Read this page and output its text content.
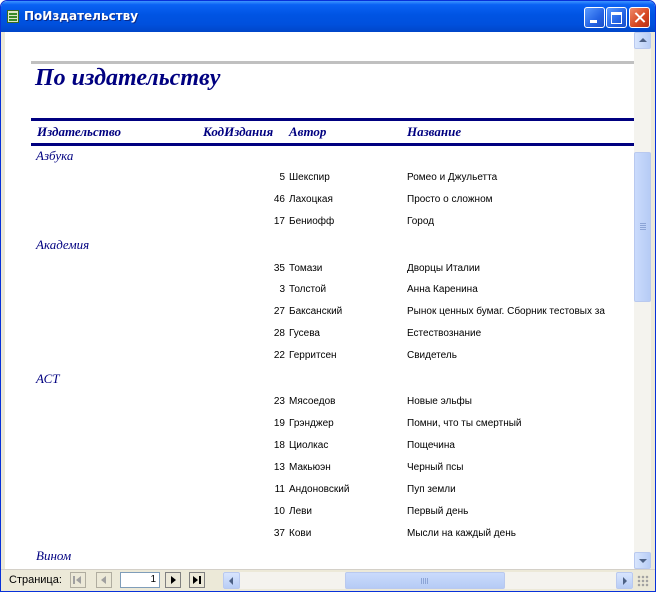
ПоИздательству
По издательству
Издательство	КодИздания Автор	Название
Азбука
5 Шекспир	Ромео и Джульетта
46 Лахоцкая	Просто о сложном
17 Бениофф	Город
Академия
35 Томази	Дворцы Италии
3 Толстой	Анна Каренина
27 Баксанский	Рынок ценных бумаг. Сборник тестовых за
28 Гусева	Естествознание
22 Герритсен	Свидетель
АСТ
23 Мясоедов	Новые эльфы
19 Грэнджер	Помни, что ты смертный
18 Циолкас	Пощечина
13 Макьюэн	Черный псы
11 Андоновский	Пуп земли
10 Леви	Первый день
37 Кови	Мысли на каждый день
Вином
Страница:	1
